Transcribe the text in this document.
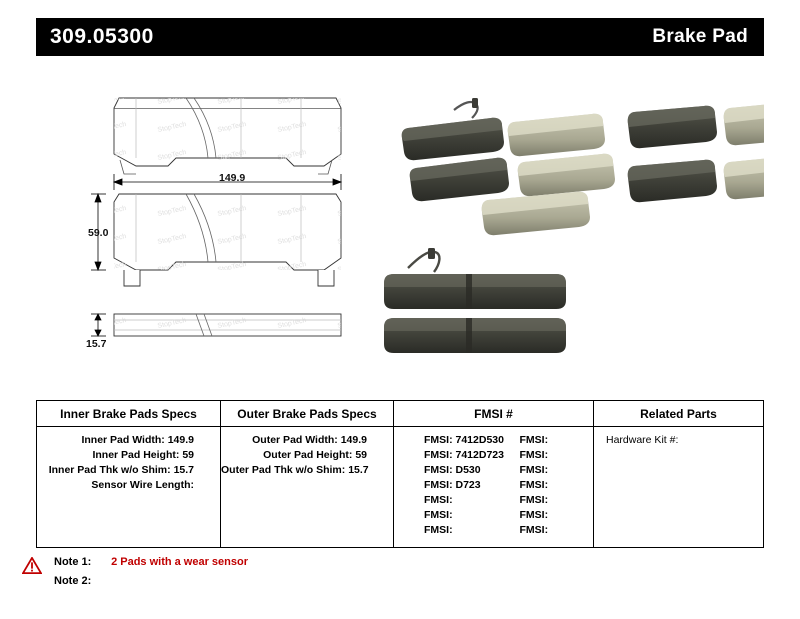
309.05300	Brake Pad
149.9
59.0
15.7
Inner Brake Pads Specs
Inner Pad Width: 149.9
Inner Pad Height: 59
Inner Pad Thk w/o Shim: 15.7
Sensor Wire Length:
Outer Brake Pads Specs
Outer Pad Width: 149.9
Outer Pad Height: 59
Outer Pad Thk w/o Shim: 15.7
FMSI #
FMSI: 7412D530	FMSI:
FMSI: 7412D723	FMSI:
FMSI: D530	FMSI:
FMSI: D723	FMSI:
FMSI:	FMSI:
FMSI:	FMSI:
FMSI:	FMSI:
Related Parts
Hardware Kit #:
Note 1: 2 Pads with a wear sensor
Note 2:
